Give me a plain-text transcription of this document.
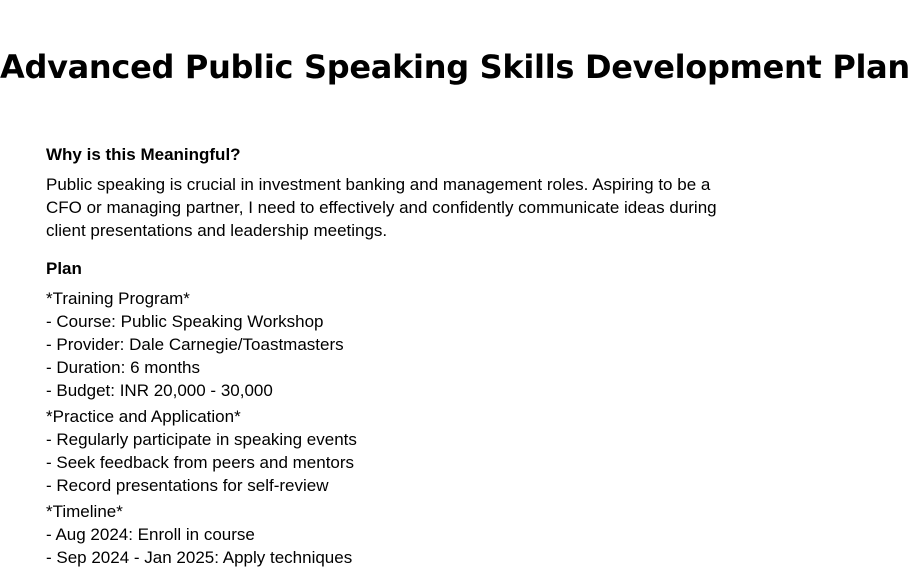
Advanced Public Speaking Skills Development Plan

Why is this Meaningful?

Public speaking is crucial in investment banking and management roles. Aspiring to be a CFO or managing partner, I need to effectively and confidently communicate ideas during client presentations and leadership meetings.

Plan

*Training Program*
- Course: Public Speaking Workshop
- Provider: Dale Carnegie/Toastmasters
- Duration: 6 months
- Budget: INR 20,000 - 30,000
*Practice and Application*
- Regularly participate in speaking events
- Seek feedback from peers and mentors
- Record presentations for self-review
*Timeline*
- Aug 2024: Enroll in course
- Sep 2024 - Jan 2025: Apply techniques
